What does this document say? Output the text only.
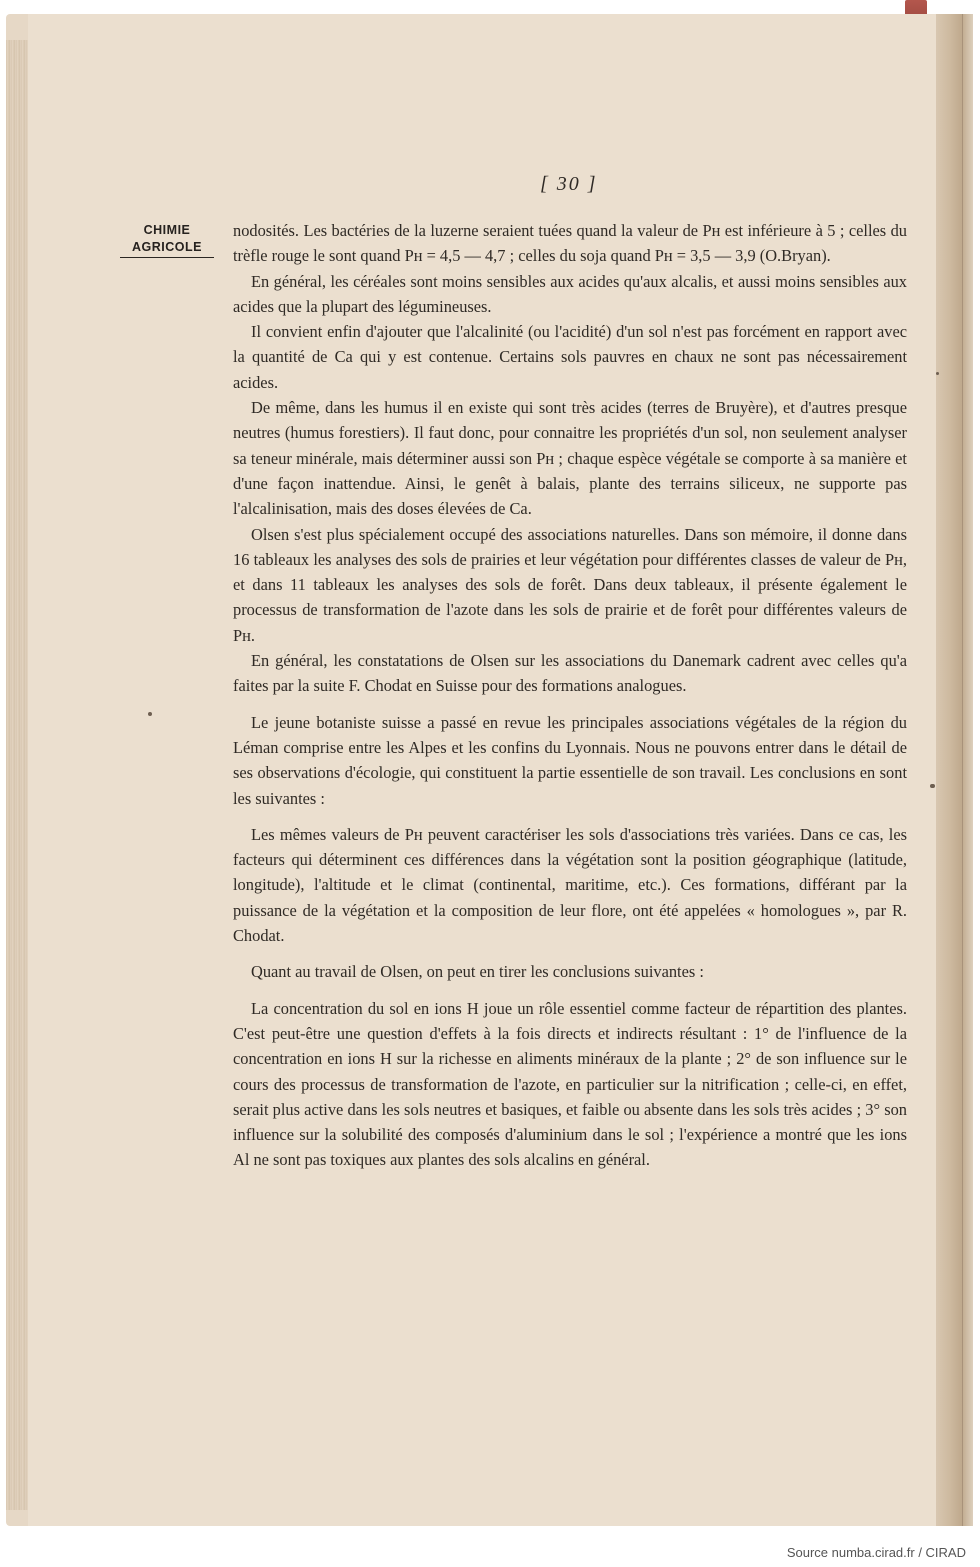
[ 30 ]
CHIMIE
AGRICOLE

nodosités. Les bactéries de la luzerne seraient tuées quand la valeur de Pн est inférieure à 5 ; celles du trèfle rouge le sont quand Pн = 4,5 — 4,7 ; celles du soja quand Pн = 3,5 — 3,9 (O.Bryan).

En général, les céréales sont moins sensibles aux acides qu'aux alcalis, et aussi moins sensibles aux acides que la plupart des légumineuses.

Il convient enfin d'ajouter que l'alcalinité (ou l'acidité) d'un sol n'est pas forcément en rapport avec la quantité de Ca qui y est contenue. Certains sols pauvres en chaux ne sont pas nécessairement acides.

De même, dans les humus il en existe qui sont très acides (terres de Bruyère), et d'autres presque neutres (humus forestiers). Il faut donc, pour connaitre les propriétés d'un sol, non seulement analyser sa teneur minérale, mais déterminer aussi son Pн ; chaque espèce végétale se comporte à sa manière et d'une façon inattendue. Ainsi, le genêt à balais, plante des terrains siliceux, ne supporte pas l'alcalinisation, mais des doses élevées de Ca.

Olsen s'est plus spécialement occupé des associations naturelles. Dans son mémoire, il donne dans 16 tableaux les analyses des sols de prairies et leur végétation pour différentes classes de valeur de Pн, et dans 11 tableaux les analyses des sols de forêt. Dans deux tableaux, il présente également le processus de transformation de l'azote dans les sols de prairie et de forêt pour différentes valeurs de Pн.

En général, les constatations de Olsen sur les associations du Danemark cadrent avec celles qu'a faites par la suite F. Chodat en Suisse pour des formations analogues.

Le jeune botaniste suisse a passé en revue les principales associations végétales de la région du Léman comprise entre les Alpes et les confins du Lyonnais. Nous ne pouvons entrer dans le détail de ses observations d'écologie, qui constituent la partie essentielle de son travail. Les conclusions en sont les suivantes :

Les mêmes valeurs de Pн peuvent caractériser les sols d'associations très variées. Dans ce cas, les facteurs qui déterminent ces différences dans la végétation sont la position géographique (latitude, longitude), l'altitude et le climat (continental, maritime, etc.). Ces formations, différant par la puissance de la végétation et la composition de leur flore, ont été appelées « homologues », par R. Chodat.

Quant au travail de Olsen, on peut en tirer les conclusions suivantes :

La concentration du sol en ions H joue un rôle essentiel comme facteur de répartition des plantes. C'est peut-être une question d'effets à la fois directs et indirects résultant : 1° de l'influence de la concentration en ions H sur la richesse en aliments minéraux de la plante ; 2° de son influence sur le cours des processus de transformation de l'azote, en particulier sur la nitrification ; celle-ci, en effet, serait plus active dans les sols neutres et basiques, et faible ou absente dans les sols très acides ; 3° son influence sur la solubilité des composés d'aluminium dans le sol ; l'expérience a montré que les ions Al ne sont pas toxiques aux plantes des sols alcalins en général.

Source numba.cirad.fr / CIRAD
